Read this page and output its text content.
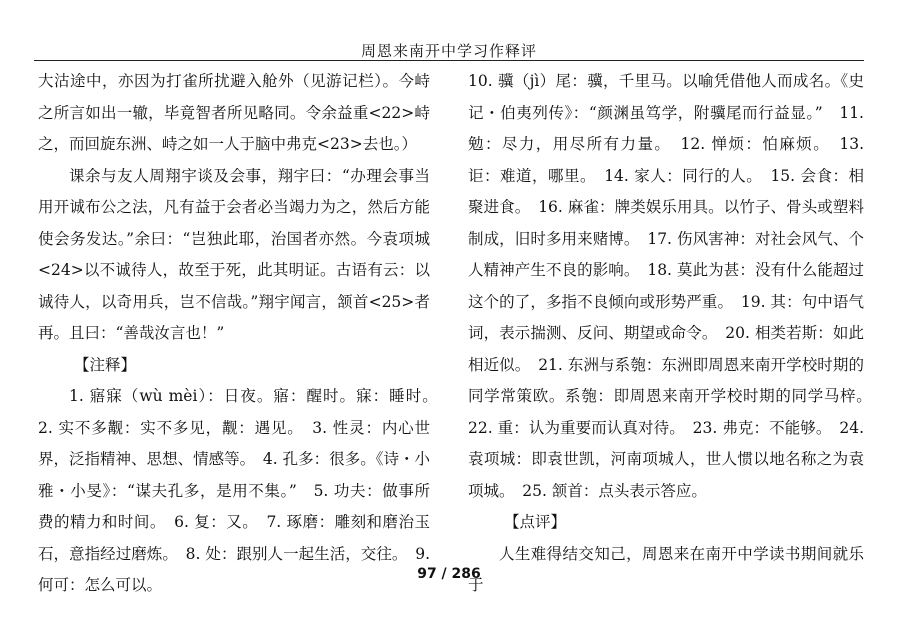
周恩来南开中学习作释评

大沽途中，亦因为打雀所扰避入舱外（见游记栏）。今峙之所言如出一辙，毕竟智者所见略同。令余益重<22>峙之，而回旋东洲、峙之如一人于脑中弗克<23>去也。）

课余与友人周翔宇谈及会事，翔宇曰：“办理会事当用开诚布公之法，凡有益于会者必当竭力为之，然后方能使会务发达。”余曰：“岂独此耶，治国者亦然。今袁项城<24>以不诚待人，故至于死，此其明证。古语有云：以诚待人，以奇用兵，岂不信哉。”翔宇闻言，颔首<25>者再。且曰：“善哉汝言也！”

【注释】

1. 寤寐（wù mèi）：日夜。寤：醒时。寐：睡时。　2. 实不多觏：实不多见，觏：遇见。　3. 性灵：内心世界，泛指精神、思想、情感等。　4. 孔多：很多。《诗・小雅・小旻》：“谋夫孔多，是用不集。”　5. 功夫：做事所费的精力和时间。　6. 复：又。　7. 琢磨：雕刻和磨治玉石，意指经过磨炼。　8. 处：跟别人一起生活，交往。　9. 何可：怎么可以。

10. 骥（jì）尾：骥，千里马。以喻凭借他人而成名。《史记・伯夷列传》：“颜渊虽笃学，附骥尾而行益显。”　11. 勉：尽力，用尽所有力量。　12. 惮烦：怕麻烦。　13. 讵：难道，哪里。　14. 家人：同行的人。　15. 会食：相聚进食。　16. 麻雀：牌类娱乐用具。以竹子、骨头或塑料制成，旧时多用来赌博。　17. 伤风害神：对社会风气、个人精神产生不良的影响。　18. 莫此为甚：没有什么能超过这个的了，多指不良倾向或形势严重。　19. 其：句中语气词，表示揣测、反问、期望或命令。　20. 相类若斯：如此相近似。　21. 东洲与系匏：东洲即周恩来南开学校时期的同学常策欧。系匏：即周恩来南开学校时期的同学马梓。　22. 重：认为重要而认真对待。　23. 弗克：不能够。　24. 袁项城：即袁世凯，河南项城人，世人惯以地名称之为袁项城。　25. 颔首：点头表示答应。

【点评】

人生难得结交知己，周恩来在南开中学读书期间就乐于

97 / 286
